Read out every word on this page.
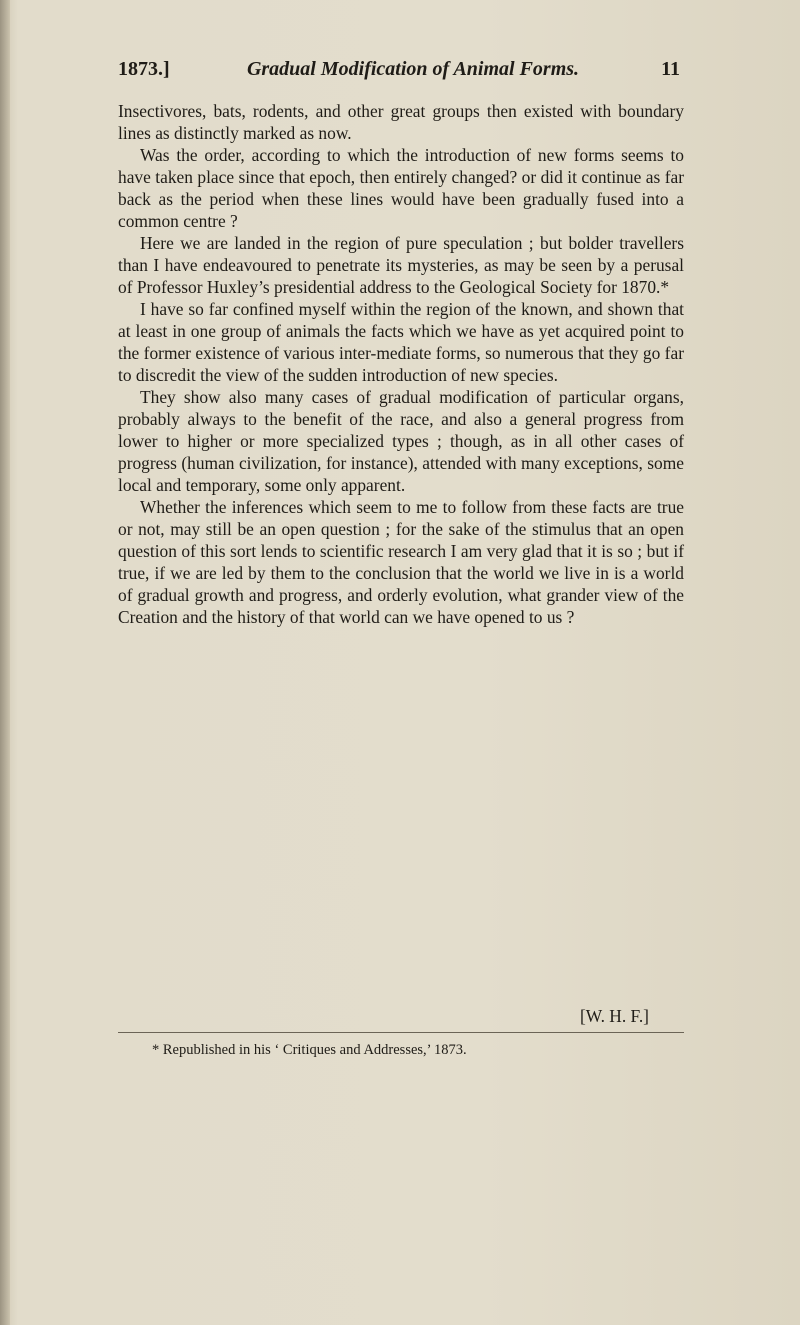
1873.]	Gradual Modification of Animal Forms.	11

Insectivores, bats, rodents, and other great groups then existed with boundary lines as distinctly marked as now.

Was the order, according to which the introduction of new forms seems to have taken place since that epoch, then entirely changed? or did it continue as far back as the period when these lines would have been gradually fused into a common centre ?

Here we are landed in the region of pure speculation ; but bolder travellers than I have endeavoured to penetrate its mysteries, as may be seen by a perusal of Professor Huxley’s presidential address to the Geological Society for 1870.*

I have so far confined myself within the region of the known, and shown that at least in one group of animals the facts which we have as yet acquired point to the former existence of various inter-mediate forms, so numerous that they go far to discredit the view of the sudden introduction of new species.

They show also many cases of gradual modification of particular organs, probably always to the benefit of the race, and also a general progress from lower to higher or more specialized types ; though, as in all other cases of progress (human civilization, for instance), attended with many exceptions, some local and temporary, some only apparent.

Whether the inferences which seem to me to follow from these facts are true or not, may still be an open question ; for the sake of the stimulus that an open question of this sort lends to scientific research I am very glad that it is so ; but if true, if we are led by them to the conclusion that the world we live in is a world of gradual growth and progress, and orderly evolution, what grander view of the Creation and the history of that world can we have opened to us ?

[W. H. F.]
* Republished in his ‘ Critiques and Addresses,’ 1873.
